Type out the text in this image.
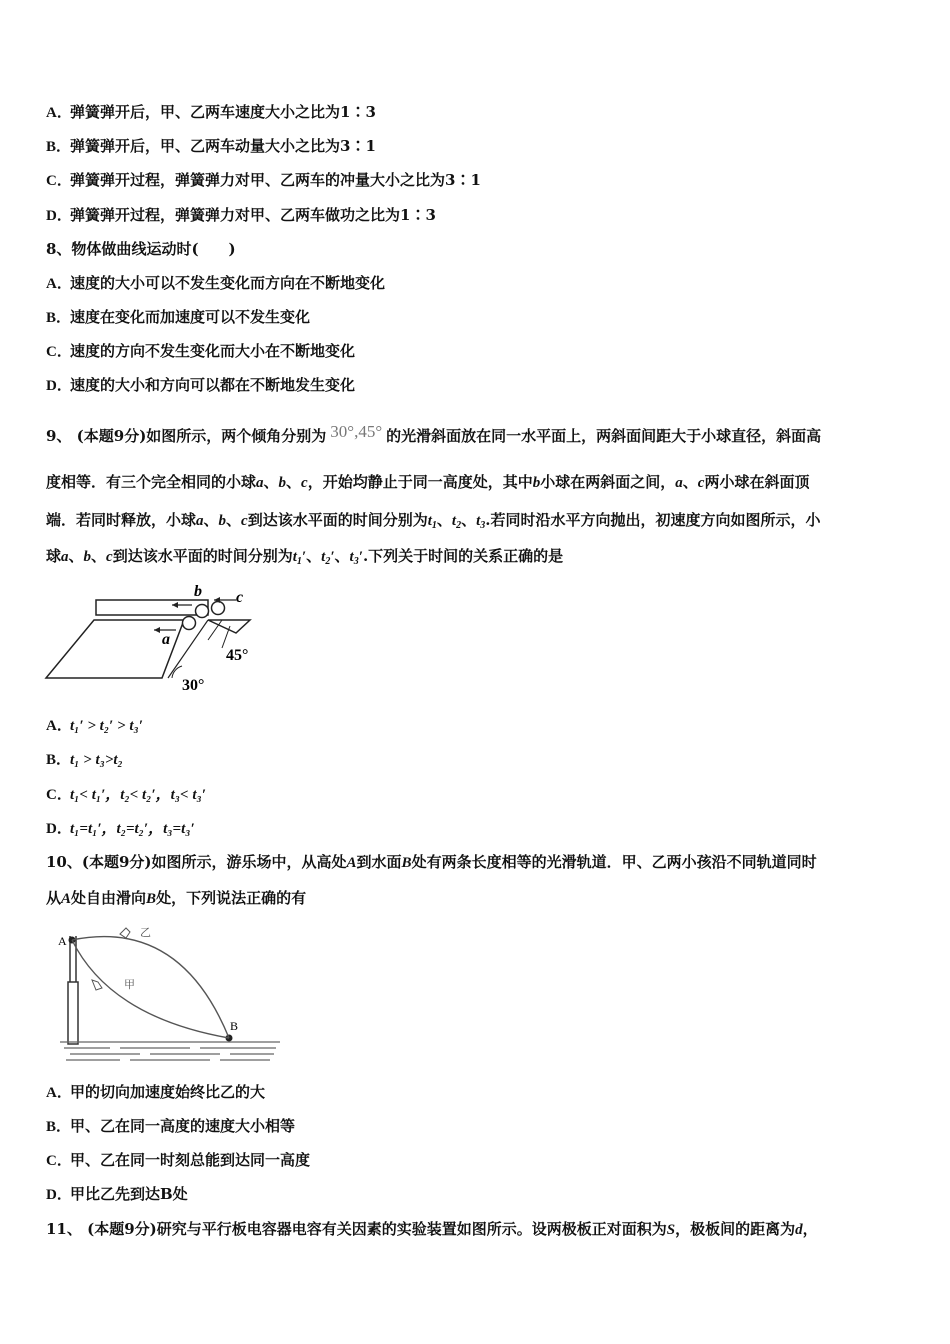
A．弹簧弹开后，甲、乙两车速度大小之比为1∶3
B．弹簧弹开后，甲、乙两车动量大小之比为3∶1
C．弹簧弹开过程，弹簧弹力对甲、乙两车的冲量大小之比为3∶1
D．弹簧弹开过程，弹簧弹力对甲、乙两车做功之比为1∶3
8、物体做曲线运动时(　　)
A．速度的大小可以不发生变化而方向在不断地变化
B．速度在变化而加速度可以不发生变化
C．速度的方向不发生变化而大小在不断地变化
D．速度的大小和方向可以都在不断地发生变化
9、 (本题9分)如图所示，两个倾角分别为 30°,45° 的光滑斜面放在同一水平面上，两斜面间距大于小球直径，斜面高
度相等．有三个完全相同的小球a、b、c，开始均静止于同一高度处，其中b小球在两斜面之间，a、c两小球在斜面顶
端．若同时释放，小球a、b、c到达该水平面的时间分别为$t_1$、$t_2$、$t_3$.若同时沿水平方向抛出，初速度方向如图所示，小
球a、b、c到达该水平面的时间分别为$t_1'$、$t_2'$、$t_3'$.下列关于时间的关系正确的是
a
b c
30°
45°
A．t₁′ > t₂′ > t₃′
B．t₁ > t₃>t₂
C．t₁< t₁′，t₂< t₂′，t₃< t₃′
D．t₁=t₁′，t₂=t₂′，t₃=t₃′
10、(本题9分)如图所示，游乐场中，从高处A到水面B处有两条长度相等的光滑轨道．甲、乙两小孩沿不同轨道同时
从A处自由滑向B处，下列说法正确的有
A
B
乙
甲
A．甲的切向加速度始终比乙的大
B．甲、乙在同一高度的速度大小相等
C．甲、乙在同一时刻总能到达同一高度
D．甲比乙先到达B处
11、 (本题9分)研究与平行板电容器电容有关因素的实验装置如图所示。设两极板正对面积为S，极板间的距离为d，
